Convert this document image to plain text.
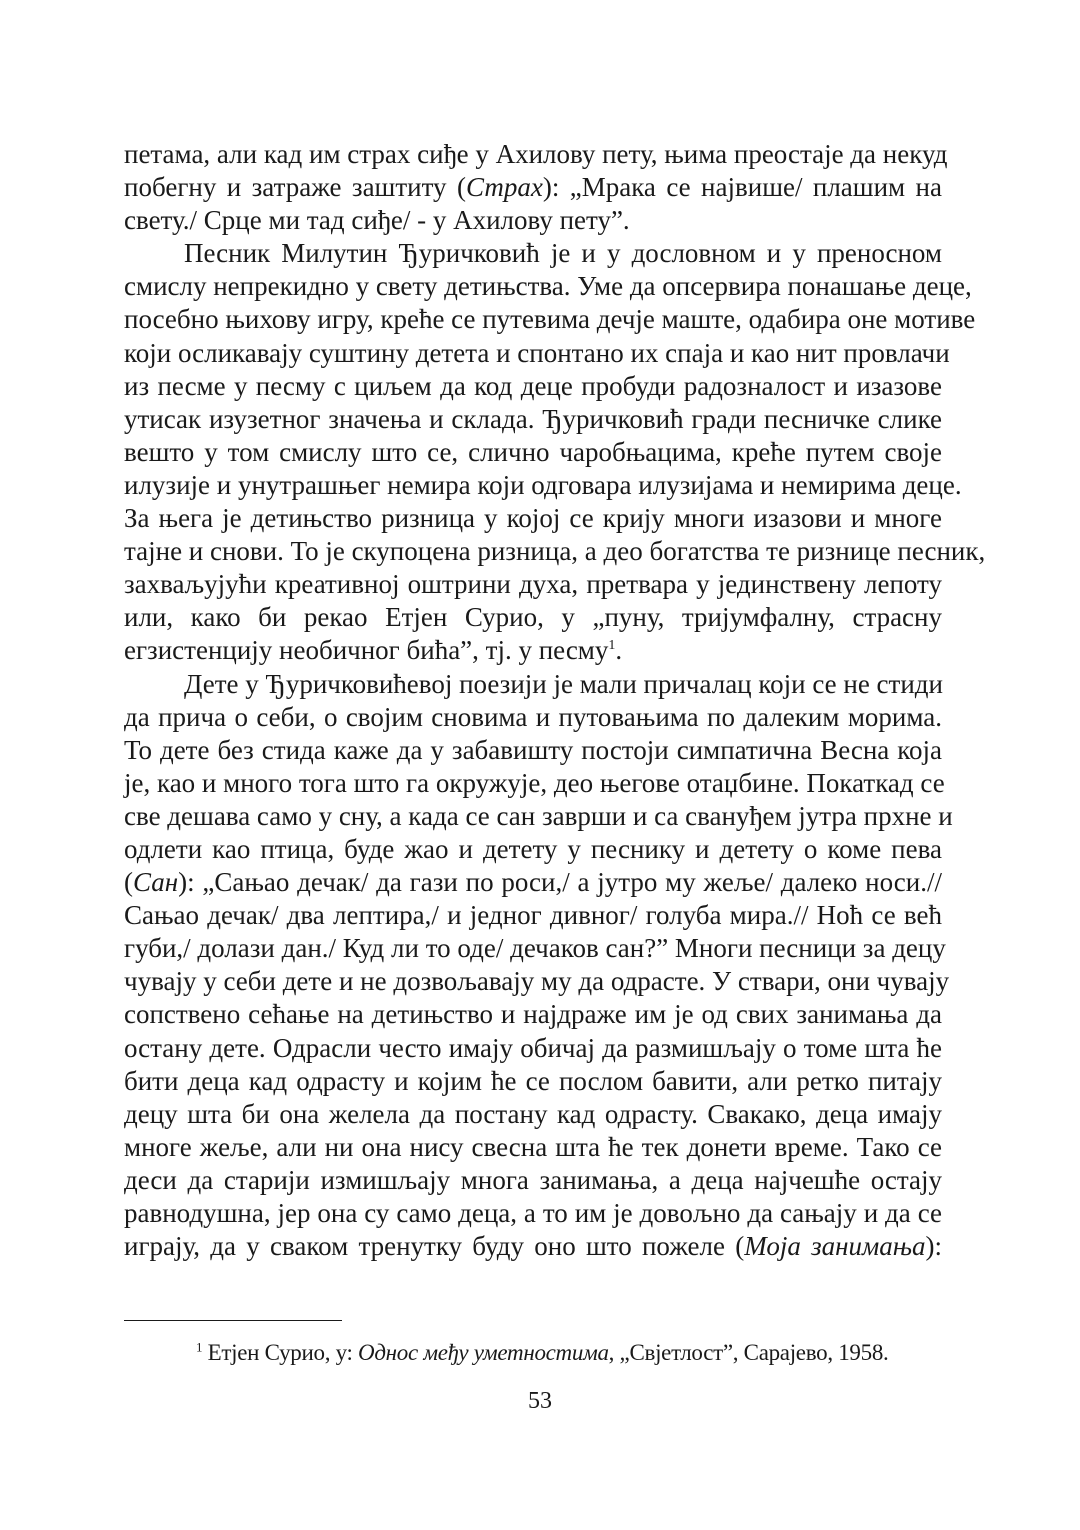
петама, али кад им страх сиђе у Ахилову пету, њима преостаје да некуд
побегну и затраже заштиту (Страх): „Мрака се највише/ плашим на
свету./ Срце ми тад сиђе/ - у Ахилову пету”.
Песник Милутин Ђуричковић је и у дословном и у преносном
смислу непрекидно у свету детињства. Уме да опсервира понашање деце,
посебно њихову игру, креће се путевима дечје маште, одабира оне мотиве
који осликавају суштину детета и спонтано их спаја и као нит провлачи
из песме у песму с циљем да код деце пробуди радозналост и изазове
утисак изузетног значења и склада. Ђуричковић гради песничке слике
вешто у том смислу што се, слично чаробњацима, креће путем своје
илузије и унутрашњег немира који одговара илузијама и немирима деце.
За њега је детињство ризница у којој се крију многи изазови и многе
тајне и снови. То је скупоцена ризница, а део богатства те ризнице песник,
захваљујући креативној оштрини духа, претвара у јединствену лепоту
или, како би рекао Етјен Сурио, у „пуну, тријумфалну, страсну
егзистенцију необичног бића”, тј. у песму$^1$.
Дете у Ђуричковићевој поезији је мали причалац који се не стиди
да прича о себи, о својим сновима и путовањима по далеким морима.
То дете без стида каже да у забавишту постоји симпатична Весна која
је, као и много тога што га окружује, део његове отаџбине. Покаткад се
све дешава само у сну, а када се сан заврши и са свануђем јутра прхне и
одлети као птица, буде жао и детету у песнику и детету о коме пева
(Сан): „Сањао дечак/ да гази по роси,/ а јутро му жеље/ далеко носи.//
Сањао дечак/ два лептира,/ и једног дивног/ голуба мира.// Ноћ се већ
губи,/ долази дан./ Куд ли то оде/ дечаков сан?” Многи песници за децу
чувају у себи дете и не дозвољавају му да одрасте. У ствари, они чувају
сопствено сећање на детињство и најдраже им је од свих занимања да
остану дете. Одрасли често имају обичај да размишљају о томе шта ће
бити деца кад одрасту и којим ће се послом бавити, али ретко питају
децу шта би она желела да постану кад одрасту. Свакако, деца имају
многе жеље, али ни она нису свесна шта ће тек донети време. Тако се
деси да старији измишљају многа занимања, а деца најчешће остају
равнодушна, јер она су само деца, а то им је довољно да сањају и да се
играју, да у сваком тренутку буду оно што пожеле (Моја занимања):
$^1$ Етјен Сурио, у: Однос међу уметностима, „Свјетлост”, Сарајево, 1958.
53
